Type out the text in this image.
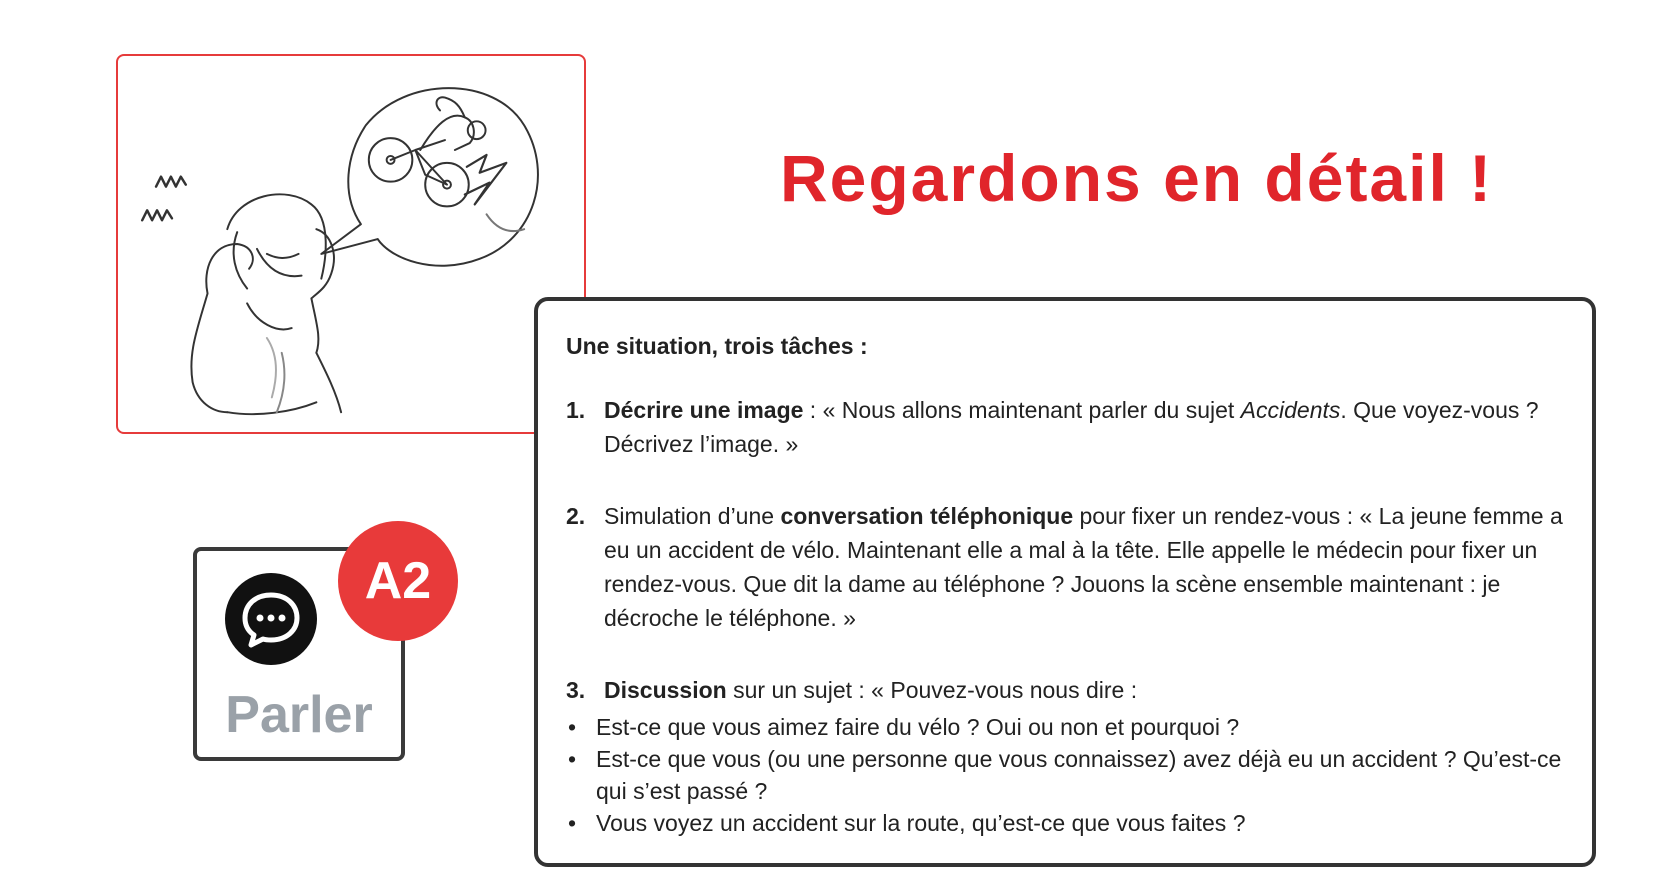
Regardons en détail !
Parler
A2
Une situation, trois tâches :
1. Décrire une image : « Nous allons maintenant parler du sujet Accidents. Que voyez-vous ? Décrivez l’image. »
2. Simulation d’une conversation téléphonique pour fixer un rendez-vous : « La jeune femme a eu un accident de vélo. Maintenant elle a mal à la tête. Elle appelle le médecin pour fixer un rendez-vous. Que dit la dame au téléphone ? Jouons la scène ensemble maintenant : je décroche le téléphone. »
3. Discussion sur un sujet : « Pouvez-vous nous dire :
• Est-ce que vous aimez faire du vélo ? Oui ou non et pourquoi ?
• Est-ce que vous (ou une personne que vous connaissez) avez déjà eu un accident ? Qu’est-ce qui s’est passé ?
• Vous voyez un accident sur la route, qu’est-ce que vous faites ?
